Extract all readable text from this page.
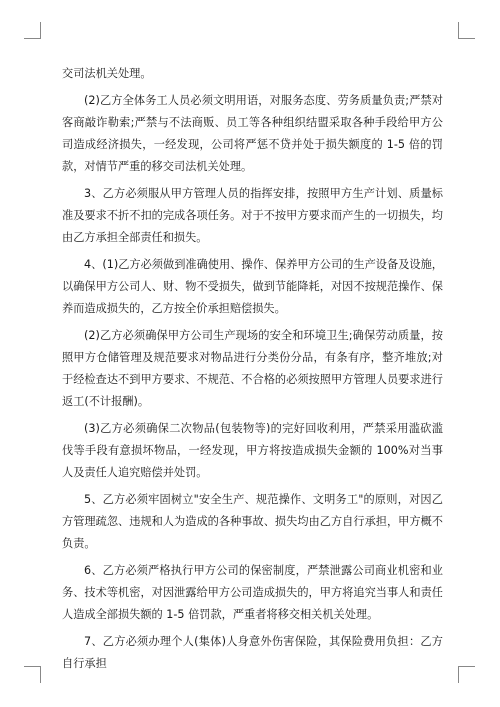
交司法机关处理。

(2)乙方全体务工人员必须文明用语，对服务态度、劳务质量负责;严禁对客商敲诈勒索;严禁与不法商贩、员工等各种组织结盟采取各种手段给甲方公司造成经济损失，一经发现，公司将严惩不贷并处于损失额度的 1-5 倍的罚款，对情节严重的移交司法机关处理。

3、乙方必须服从甲方管理人员的指挥安排，按照甲方生产计划、质量标准及要求不折不扣的完成各项任务。对于不按甲方要求而产生的一切损失，均由乙方承担全部责任和损失。

4、(1)乙方必须做到准确使用、操作、保养甲方公司的生产设备及设施，以确保甲方公司人、财、物不受损失，做到节能降耗，对因不按规范操作、保养而造成损失的，乙方按全价承担赔偿损失。

(2)乙方必须确保甲方公司生产现场的安全和环境卫生;确保劳动质量，按照甲方仓储管理及规范要求对物品进行分类份分品，有条有序，整齐堆放;对于经检查达不到甲方要求、不规范、不合格的必须按照甲方管理人员要求进行返工(不计报酬)。

(3)乙方必须确保二次物品(包装物等)的完好回收利用，严禁采用滥砍滥伐等手段有意损坏物品，一经发现，甲方将按造成损失金额的 100%对当事人及责任人追究赔偿并处罚。

5、乙方必须牢固树立"安全生产、规范操作、文明务工"的原则，对因乙方管理疏忽、违规和人为造成的各种事故、损失均由乙方自行承担，甲方概不负责。

6、乙方必须严格执行甲方公司的保密制度，严禁泄露公司商业机密和业务、技术等机密，对因泄露给甲方公司造成损失的，甲方将追究当事人和责任人造成全部损失额的 1-5 倍罚款，严重者将移交相关机关处理。

7、乙方必须办理个人(集体)人身意外伤害保险，其保险费用负担：乙方自行承担
